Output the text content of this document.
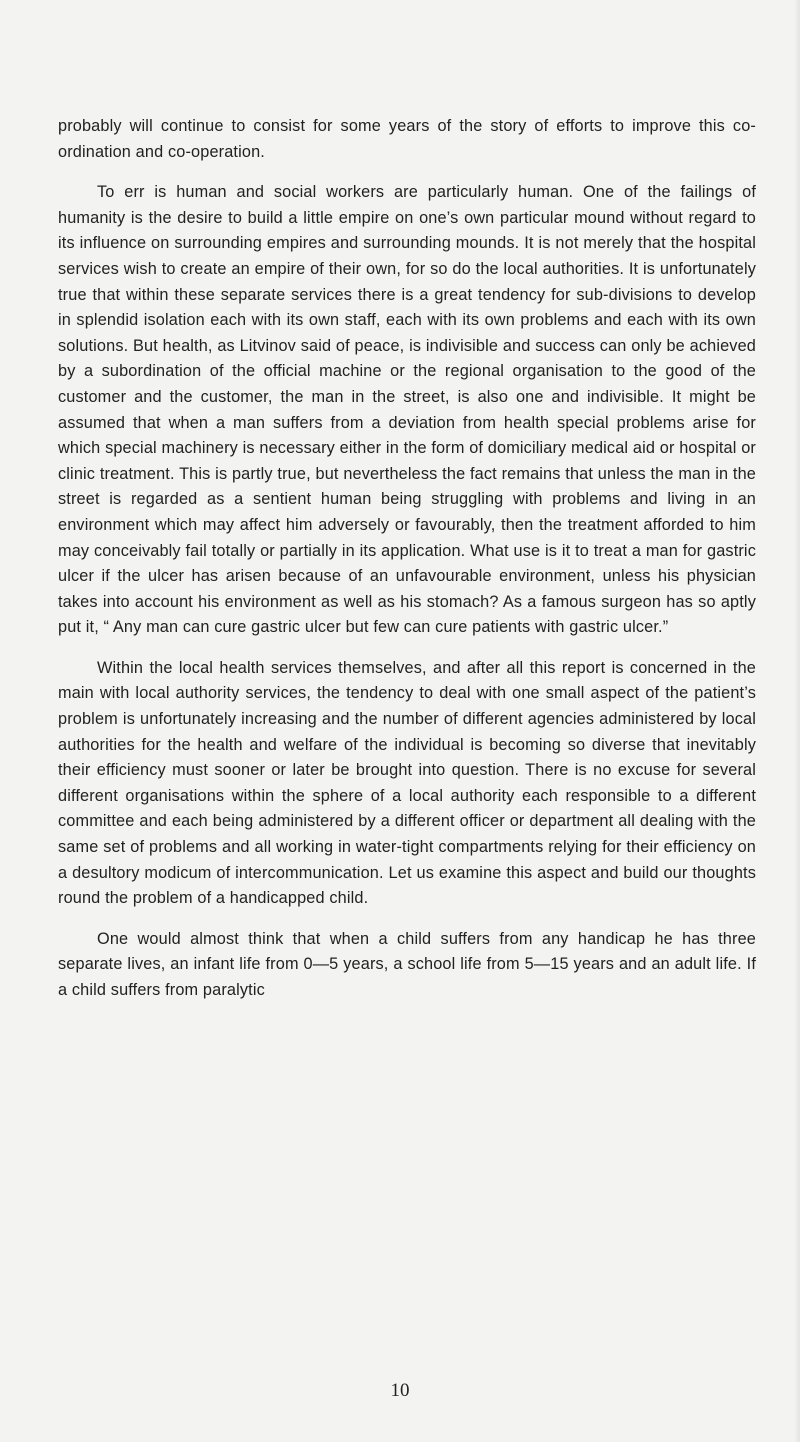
probably will continue to consist for some years of the story of efforts to improve this co-ordination and co-operation.

To err is human and social workers are particularly human. One of the failings of humanity is the desire to build a little empire on one’s own particular mound without regard to its influence on surrounding empires and surrounding mounds. It is not merely that the hospital services wish to create an empire of their own, for so do the local authorities. It is unfortunately true that within these separate services there is a great tendency for sub-divisions to develop in splendid isolation each with its own staff, each with its own problems and each with its own solutions. But health, as Litvinov said of peace, is indivisible and success can only be achieved by a subordination of the official machine or the regional organisation to the good of the customer and the customer, the man in the street, is also one and indivisible. It might be assumed that when a man suffers from a deviation from health special problems arise for which special machinery is necessary either in the form of domiciliary medical aid or hospital or clinic treatment. This is partly true, but nevertheless the fact remains that unless the man in the street is regarded as a sentient human being struggling with problems and living in an environment which may affect him adversely or favourably, then the treatment afforded to him may conceivably fail totally or partially in its application. What use is it to treat a man for gastric ulcer if the ulcer has arisen because of an unfavourable environment, unless his physician takes into account his environment as well as his stomach? As a famous surgeon has so aptly put it, “ Any man can cure gastric ulcer but few can cure patients with gastric ulcer.”

Within the local health services themselves, and after all this report is concerned in the main with local authority services, the tendency to deal with one small aspect of the patient’s problem is unfortunately increasing and the number of different agencies administered by local authorities for the health and welfare of the individual is becoming so diverse that inevitably their efficiency must sooner or later be brought into question. There is no excuse for several different organisations within the sphere of a local authority each responsible to a different committee and each being administered by a different officer or department all dealing with the same set of problems and all working in water-tight compartments relying for their efficiency on a desultory modicum of intercommunication. Let us examine this aspect and build our thoughts round the problem of a handicapped child.

One would almost think that when a child suffers from any handicap he has three separate lives, an infant life from 0—5 years, a school life from 5—15 years and an adult life. If a child suffers from paralytic

10
